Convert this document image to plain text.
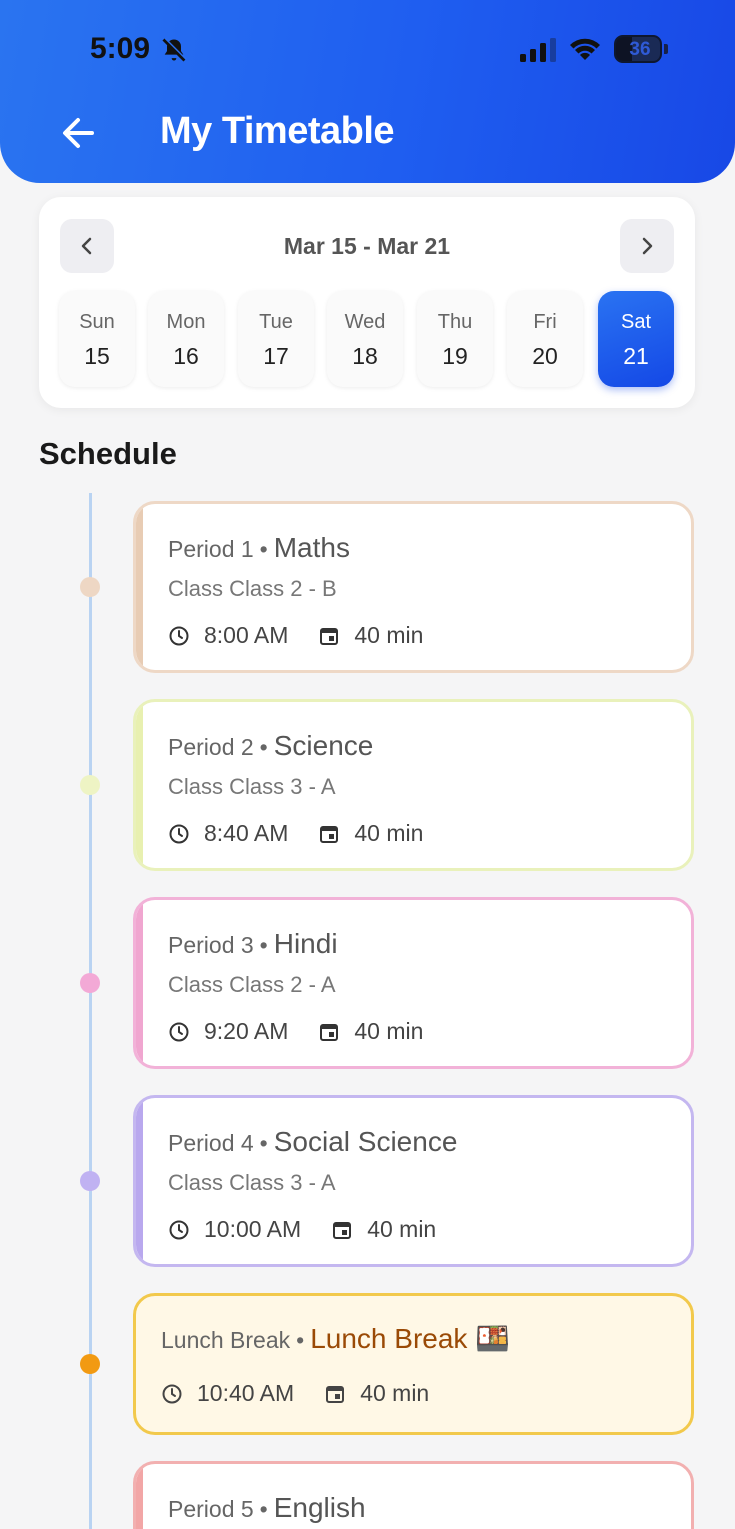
5:09	36
My Timetable
Mar 15 - Mar 21
Sun
15
Mon
16
Tue
17
Wed
18
Thu
19
Fri
20
Sat
21
Schedule
Period 1 • Maths
Class Class 2 - B
8:00 AM	40 min
Period 2 • Science
Class Class 3 - A
8:40 AM	40 min
Period 3 • Hindi
Class Class 2 - A
9:20 AM	40 min
Period 4 • Social Science
Class Class 3 - A
10:00 AM	40 min
Lunch Break • Lunch Break 🍱
10:40 AM	40 min
Period 5 • English
